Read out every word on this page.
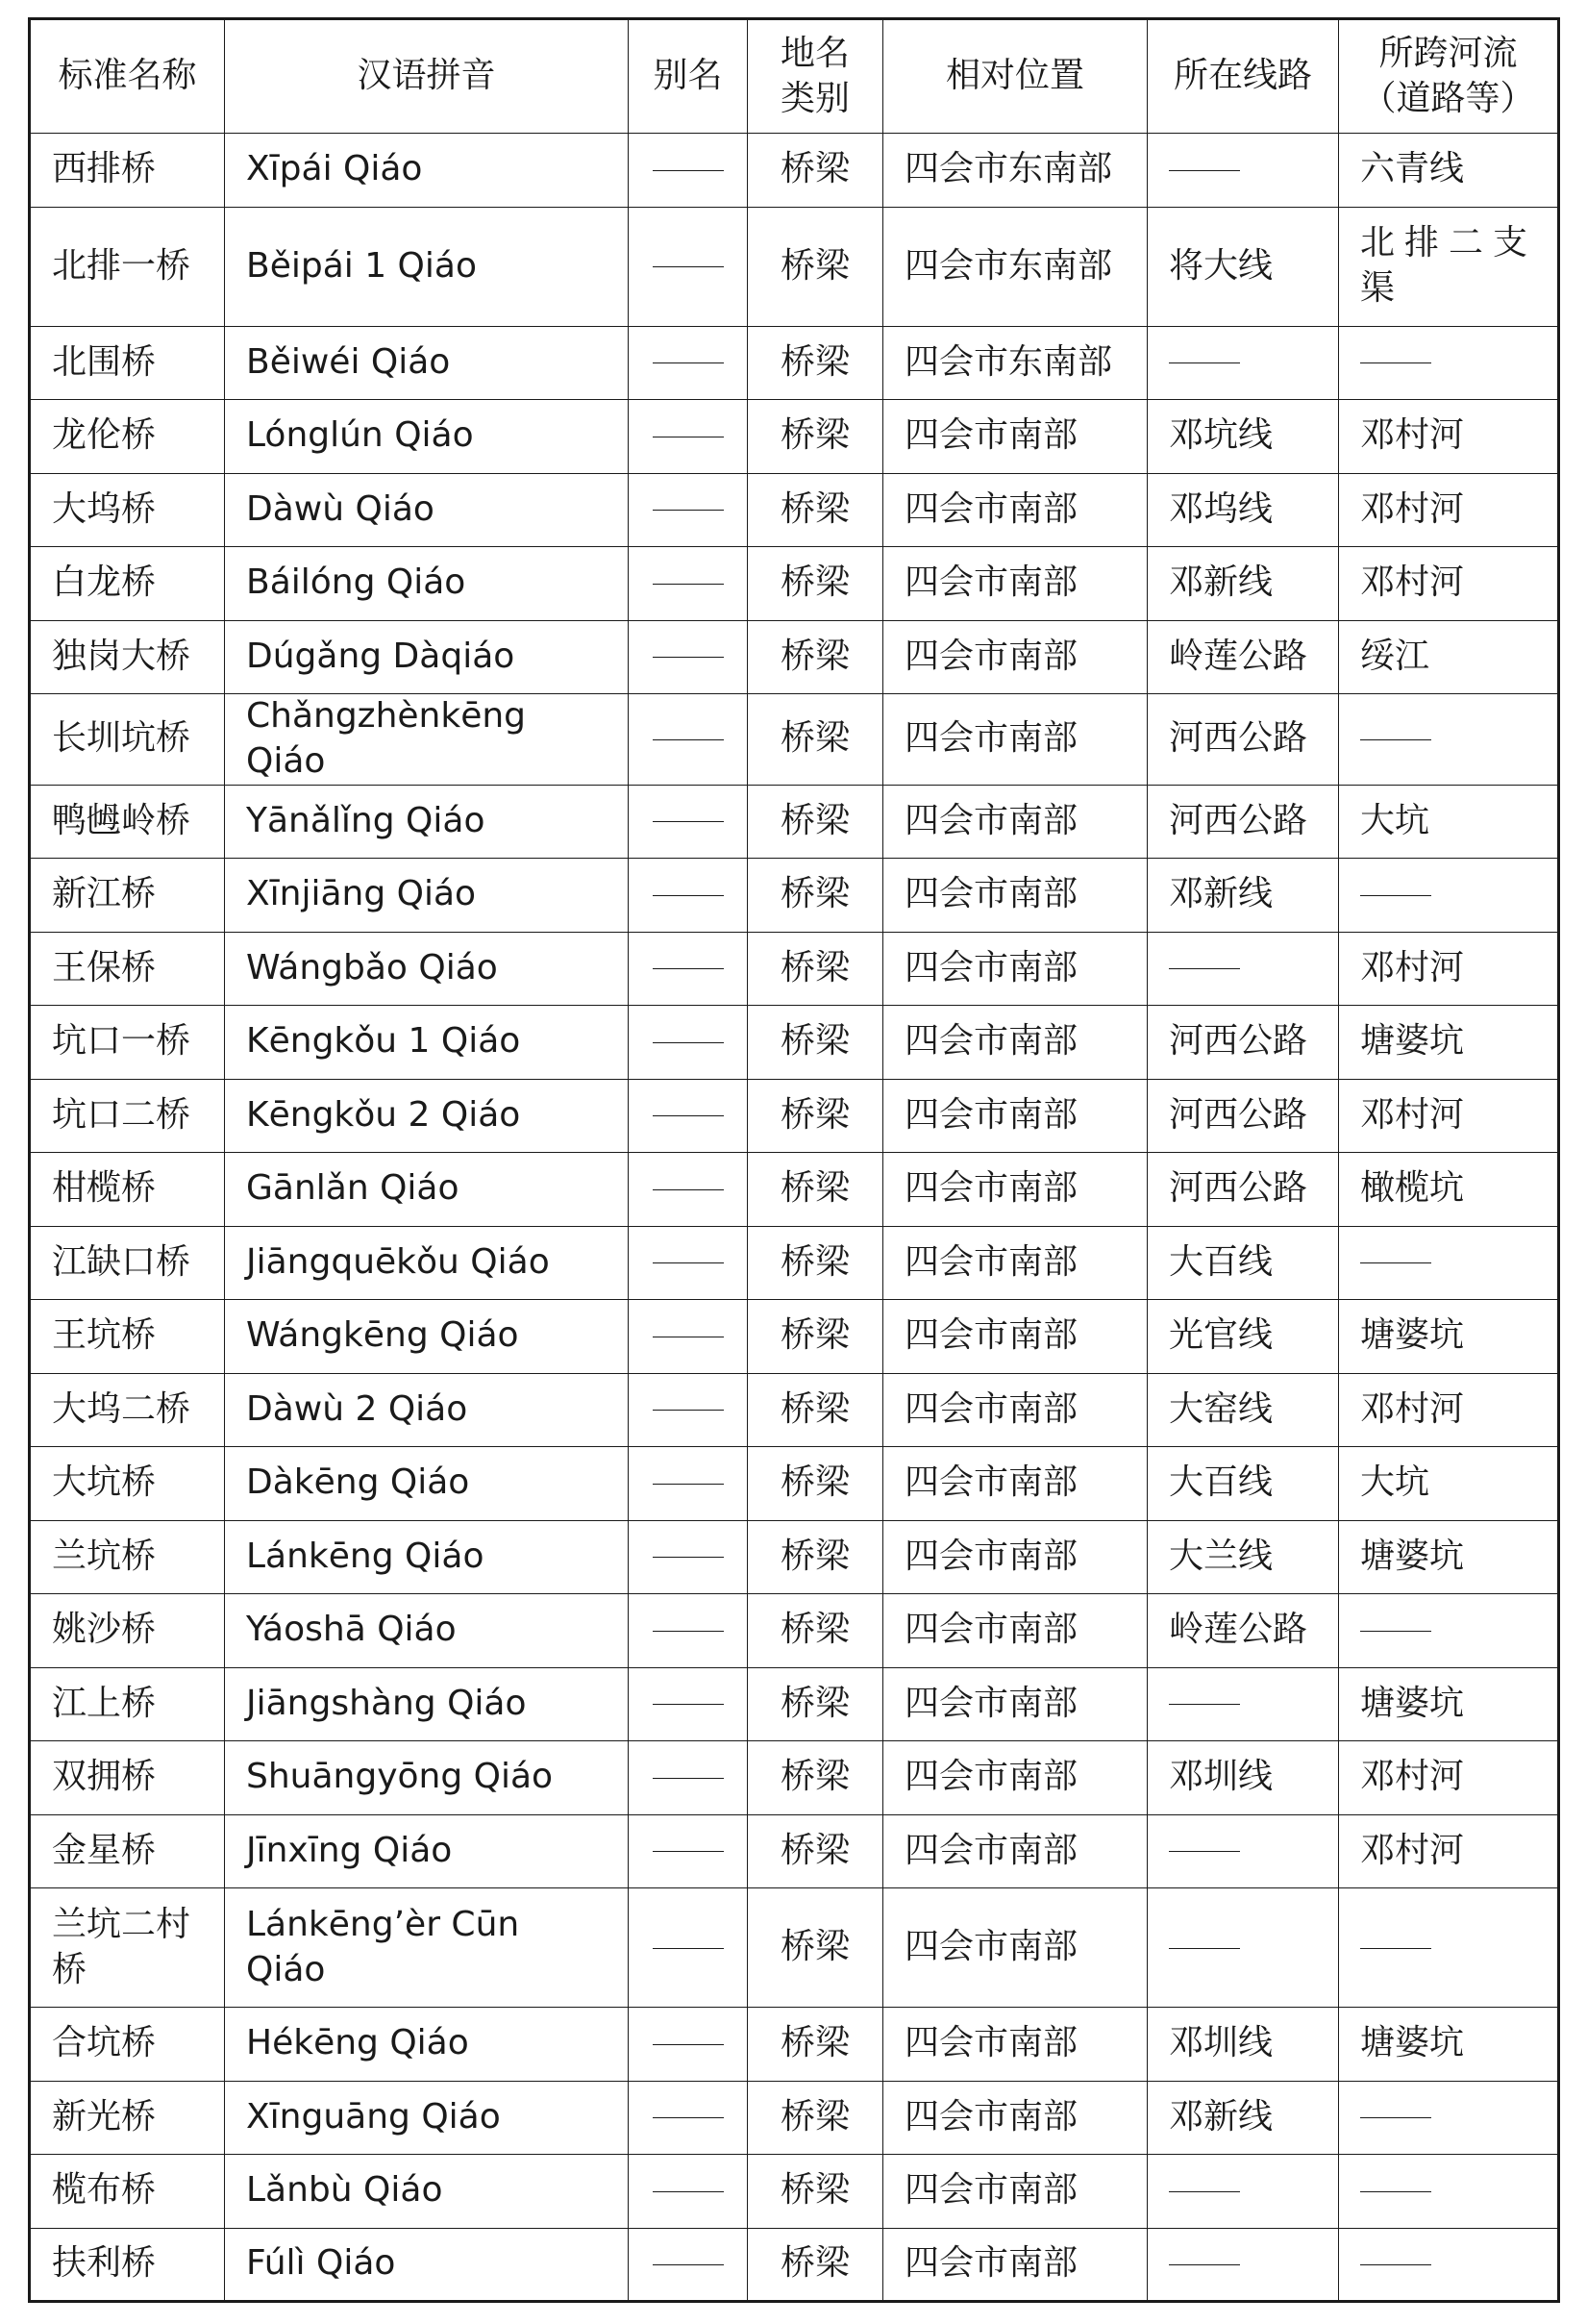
标准名称	汉语拼音	别名	地名类别	相对位置	所在线路	所跨河流（道路等）

西排桥	Xīpái Qiáo		桥梁	四会市东南部		六青线

北排一桥	Běipái 1 Qiáo		桥梁	四会市东南部	将大线	北排二支渠

北围桥	Běiwéi Qiáo		桥梁	四会市东南部		
龙伦桥	Lónglún Qiáo		桥梁	四会市南部	邓坑线	邓村河
大坞桥	Dàwù Qiáo		桥梁	四会市南部	邓坞线	邓村河
白龙桥	Báilóng Qiáo		桥梁	四会市南部	邓新线	邓村河
独岗大桥	Dúgǎng Dàqiáo		桥梁	四会市南部	岭莲公路	绥江
长圳坑桥	Chǎngzhènkēng Qiáo		桥梁	四会市南部	河西公路	
鸭乸岭桥	Yānǎlǐng Qiáo		桥梁	四会市南部	河西公路	大坑
新江桥	Xīnjiāng Qiáo		桥梁	四会市南部	邓新线	
王保桥	Wángbǎo Qiáo		桥梁	四会市南部		邓村河
坑口一桥	Kēngkǒu 1 Qiáo		桥梁	四会市南部	河西公路	塘婆坑
坑口二桥	Kēngkǒu 2 Qiáo		桥梁	四会市南部	河西公路	邓村河
柑榄桥	Gānlǎn Qiáo		桥梁	四会市南部	河西公路	橄榄坑
江缺口桥	Jiāngquēkǒu Qiáo		桥梁	四会市南部	大百线	
王坑桥	Wángkēng Qiáo		桥梁	四会市南部	光官线	塘婆坑
大坞二桥	Dàwù 2 Qiáo		桥梁	四会市南部	大窑线	邓村河
大坑桥	Dàkēng Qiáo		桥梁	四会市南部	大百线	大坑
兰坑桥	Lánkēng Qiáo		桥梁	四会市南部	大兰线	塘婆坑
姚沙桥	Yáoshā Qiáo		桥梁	四会市南部	岭莲公路	
江上桥	Jiāngshàng Qiáo		桥梁	四会市南部		塘婆坑
双拥桥	Shuāngyōng Qiáo		桥梁	四会市南部	邓圳线	邓村河
金星桥	Jīnxīng Qiáo		桥梁	四会市南部		邓村河

兰坑二村桥	Lánkēng’èr Cūn Qiáo		桥梁	四会市南部		
合坑桥	Hékēng Qiáo		桥梁	四会市南部	邓圳线	塘婆坑
新光桥	Xīnguāng Qiáo		桥梁	四会市南部	邓新线	
榄布桥	Lǎnbù Qiáo		桥梁	四会市南部		
扶利桥	Fúlì Qiáo		桥梁	四会市南部		
